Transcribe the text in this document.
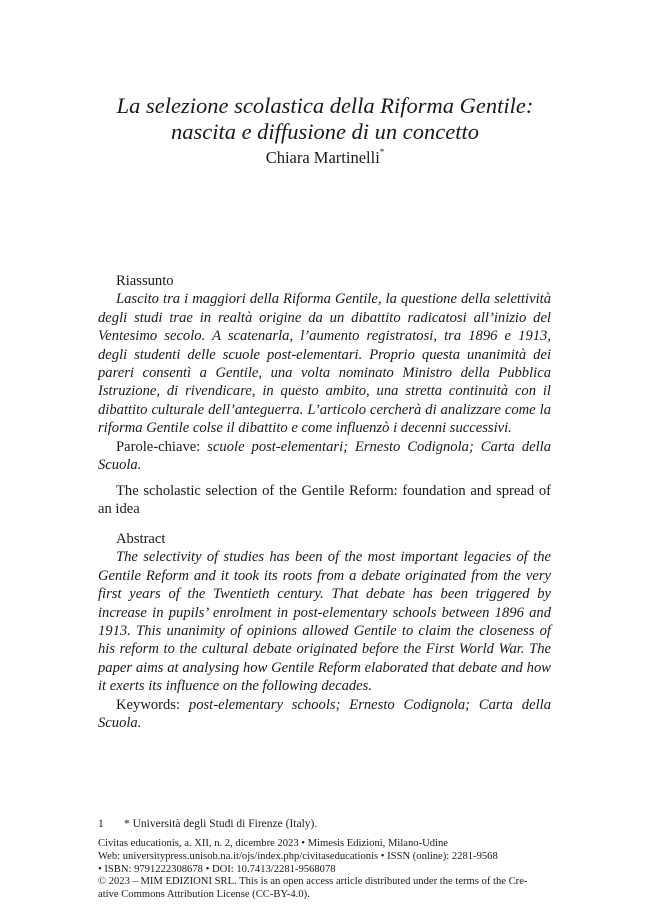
La selezione scolastica della Riforma Gentile:
nascita e diffusione di un concetto
Chiara Martinelli*

Riassunto

Lascito tra i maggiori della Riforma Gentile, la questione della selettività degli studi trae in realtà origine da un dibattito radicatosi all’inizio del Ventesimo secolo. A scatenarla, l’aumento registratosi, tra 1896 e 1913, degli studenti delle scuole post-elementari. Proprio questa unanimità dei pareri consentì a Gentile, una volta nominato Ministro della Pubblica Istruzione, di rivendicare, in questo ambito, una stretta continuità con il dibattito culturale dell’anteguerra. L’articolo cercherà di analizzare come la riforma Gentile colse il dibattito e come influenzò i decenni successivi.

Parole-chiave: scuole post-elementari; Ernesto Codignola; Carta della Scuola.

The scholastic selection of the Gentile Reform: foundation and spread of an idea

Abstract

The selectivity of studies has been of the most important legacies of the Gentile Reform and it took its roots from a debate originated from the very first years of the Twentieth century. That debate has been triggered by increase in pupils’ enrolment in post-elementary schools between 1896 and 1913. This unanimity of opinions allowed Gentile to claim the closeness of his reform to the cultural debate originated before the First World War. The paper aims at analysing how Gentile Reform elaborated that debate and how it exerts its influence on the following decades.

Keywords: post-elementary schools; Ernesto Codignola; Carta della Scuola.

1 * Università degli Studi di Firenze (Italy).
Civitas educationis, a. XII, n. 2, dicembre 2023 • Mimesis Edizioni, Milano-Udine
Web: universitypress.unisob.na.it/ojs/index.php/civitaseducationis • ISSN (online): 2281-9568
• ISBN: 9791222308678 • DOI: 10.7413/2281-9568078
© 2023 – MIM EDIZIONI SRL. This is an open access article distributed under the terms of the Cre-
ative Commons Attribution License (CC-BY-4.0).
